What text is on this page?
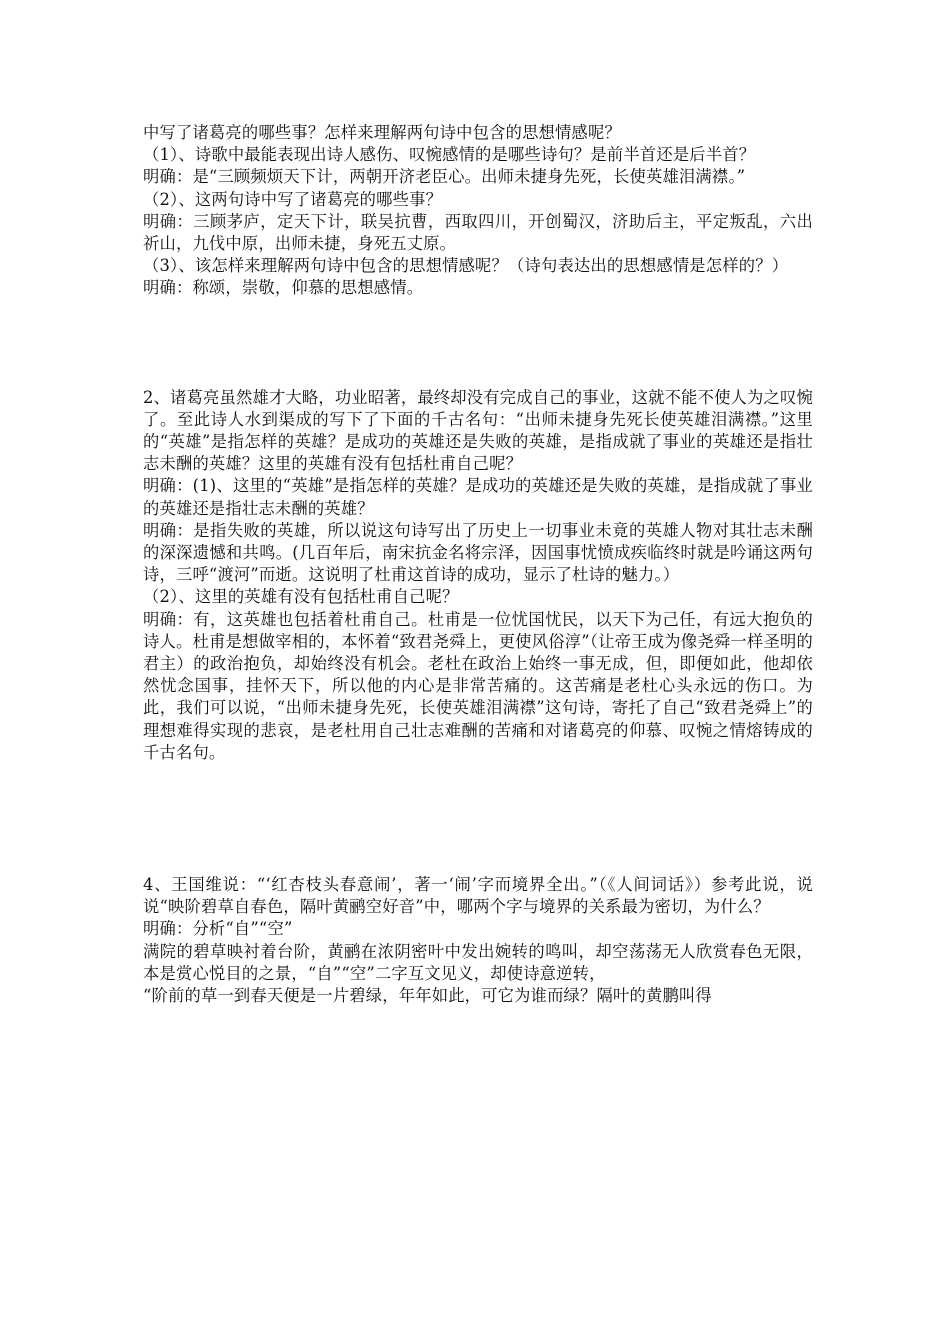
中写了诸葛亮的哪些事？怎样来理解两句诗中包含的思想情感呢？

（1）、诗歌中最能表现出诗人感伤、叹惋感情的是哪些诗句？是前半首还是后半首？

明确：是“三顾频烦天下计，两朝开济老臣心。出师未捷身先死，长使英雄泪满襟。”

（2）、这两句诗中写了诸葛亮的哪些事？

明确：三顾茅庐，定天下计，联吴抗曹，西取四川，开创蜀汉，济助后主，平定叛乱，六出祈山，九伐中原，出师未捷，身死五丈原。

（3）、该怎样来理解两句诗中包含的思想情感呢？（诗句表达出的思想感情是怎样的？）

明确：称颂，崇敬，仰慕的思想感情。

2、诸葛亮虽然雄才大略，功业昭著，最终却没有完成自己的事业，这就不能不使人为之叹惋了。至此诗人水到渠成的写下了下面的千古名句：“出师未捷身先死长使英雄泪满襟。”这里的“英雄”是指怎样的英雄？是成功的英雄还是失败的英雄，是指成就了事业的英雄还是指壮志未酬的英雄？这里的英雄有没有包括杜甫自己呢？

明确：(1)、这里的“英雄”是指怎样的英雄？是成功的英雄还是失败的英雄，是指成就了事业的英雄还是指壮志未酬的英雄？

明确：是指失败的英雄，所以说这句诗写出了历史上一切事业未竟的英雄人物对其壮志未酬的深深遗憾和共鸣。(几百年后，南宋抗金名将宗泽，因国事忧愤成疾临终时就是吟诵这两句诗，三呼“渡河”而逝。这说明了杜甫这首诗的成功，显示了杜诗的魅力。）

（2）、这里的英雄有没有包括杜甫自己呢？

明确：有，这英雄也包括着杜甫自己。杜甫是一位忧国忧民，以天下为己任，有远大抱负的诗人。杜甫是想做宰相的，本怀着“致君尧舜上，更使风俗淳”（让帝王成为像尧舜一样圣明的君主）的政治抱负，却始终没有机会。老杜在政治上始终一事无成，但，即便如此，他却依然忧念国事，挂怀天下，所以他的内心是非常苦痛的。这苦痛是老杜心头永远的伤口。为此，我们可以说，“出师未捷身先死，长使英雄泪满襟”这句诗，寄托了自己“致君尧舜上”的理想难得实现的悲哀，是老杜用自己壮志难酬的苦痛和对诸葛亮的仰慕、叹惋之情熔铸成的千古名句。

4、王国维说：“‘红杏枝头春意闹’，著一‘闹’字而境界全出。”（《人间词话》）参考此说，说说“映阶碧草自春色，隔叶黄鹂空好音”中，哪两个字与境界的关系最为密切，为什么？

明确：分析“自”“空”

满院的碧草映衬着台阶，黄鹂在浓阴密叶中发出婉转的鸣叫，却空荡荡无人欣赏春色无限，本是赏心悦目的之景，“自”“空”二字互文见义，却使诗意逆转，

“阶前的草一到春天便是一片碧绿，年年如此，可它为谁而绿？隔叶的黄鹏叫得
